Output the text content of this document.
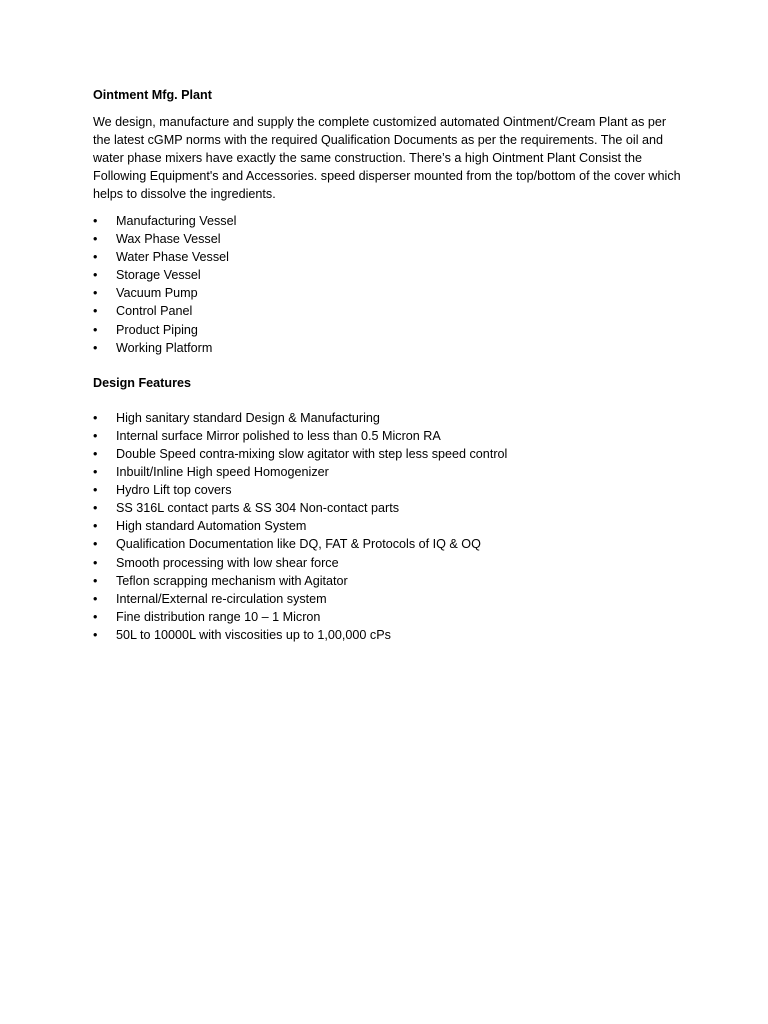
Ointment Mfg. Plant

We design, manufacture and supply the complete customized automated Ointment/Cream Plant as per the latest cGMP norms with the required Qualification Documents as per the requirements. The oil and water phase mixers have exactly the same construction. There’s a high Ointment Plant Consist the Following Equipment's and Accessories. speed disperser mounted from the top/bottom of the cover which helps to dissolve the ingredients.

•	Manufacturing Vessel
•	Wax Phase Vessel
•	Water Phase Vessel
•	Storage Vessel
•	Vacuum Pump
•	Control Panel
•	Product Piping
•	Working Platform

Design Features

•	High sanitary standard Design & Manufacturing
•	Internal surface Mirror polished to less than 0.5 Micron RA
•	Double Speed contra-mixing slow agitator with step less speed control
•	Inbuilt/Inline High speed Homogenizer
•	Hydro Lift top covers
•	SS 316L contact parts & SS 304 Non-contact parts
•	High standard Automation System
•	Qualification Documentation like DQ, FAT & Protocols of IQ & OQ
•	Smooth processing with low shear force
•	Teflon scrapping mechanism with Agitator
•	Internal/External re-circulation system
•	Fine distribution range 10 – 1 Micron
•	50L to 10000L with viscosities up to 1,00,000 cPs
